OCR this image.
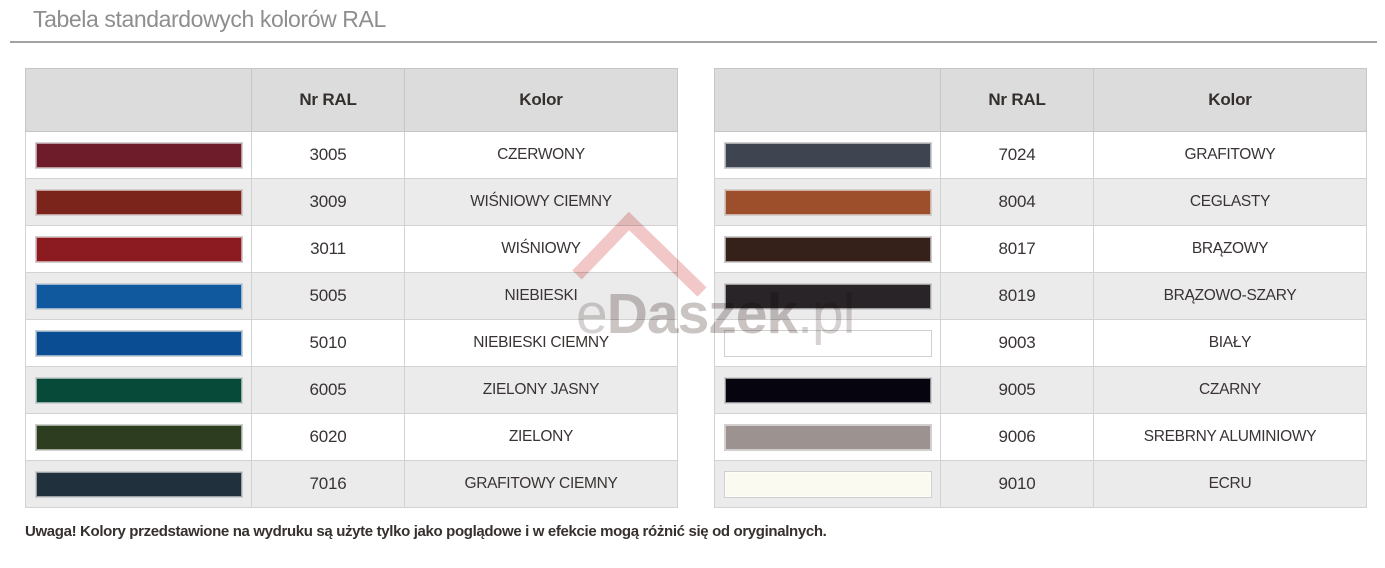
Tabela standardowych kolorów RAL
	Nr RAL	Kolor

	3005	CZERWONY

	3009	WIŚNIOWY CIEMNY

	3011	WIŚNIOWY

	5005	NIEBIESKI

	5010	NIEBIESKI CIEMNY

	6005	ZIELONY JASNY

	6020	ZIELONY

	7016	GRAFITOWY CIEMNY
	Nr RAL	Kolor

	7024	GRAFITOWY

	8004	CEGLASTY

	8017	BRĄZOWY

	8019	BRĄZOWO-SZARY

	9003	BIAŁY

	9005	CZARNY

	9006	SREBRNY ALUMINIOWY

	9010	ECRU
eDaszek.pl
Uwaga! Kolory przedstawione na wydruku są użyte tylko jako poglądowe i w efekcie mogą różnić się od oryginalnych.
